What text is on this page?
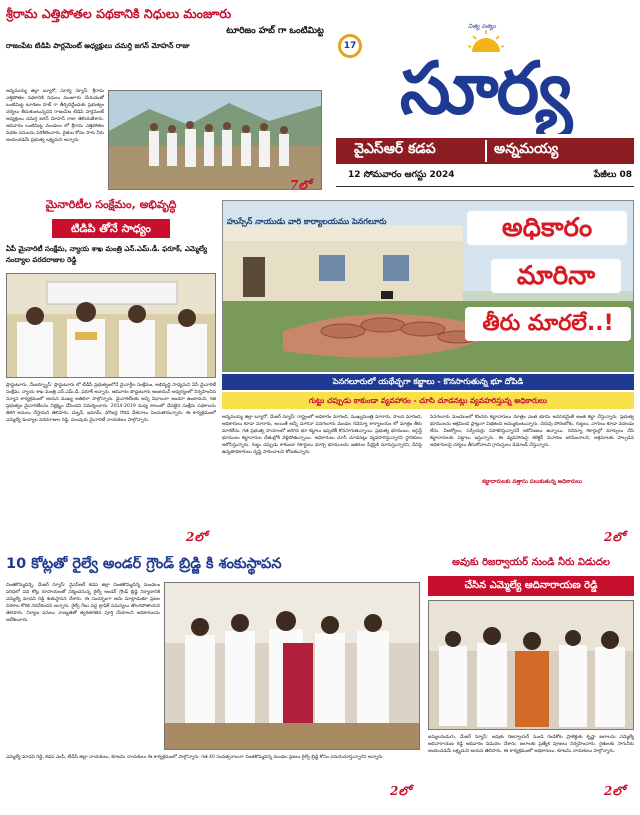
శ్రీరామ ఎత్తిపోతల పథకానికి నిధులు మంజూరు
టూరిజం హబ్ గా ఒంటిమిట్ట
రాజంపేట టిడిపి పార్లమెంట్ అధ్యక్షులు చమర్తి జగన్ మోహన్ రాజు
అన్నమయ్య జిల్లా బ్యూరో, సూర్య న్యూస్: శ్రీరామ ఎత్తిపోతల పథకానికి నిధులు మంజూరు చేయడంతో ఒంటిమిట్ట టూరిజం హబ్ గా తీర్చిదిద్దేందుకు ప్రభుత్వం చర్యలు తీసుకుంటున్నదని రాజంపేట టిడిపి పార్లమెంట్ అధ్యక్షులు చమర్తి జగన్ మోహన్ రాజు తెలియజేశారు. ఆదివారం ఒంటిమిట్ట మండలం లో శ్రీరామ ఎత్తిపోతల పథకం పనులను పరిశీలించారు. రైతుల కోసం సాగు నీరు అందించడమే ప్రభుత్వ లక్ష్యమని అన్నారు.
7లో
17
నిత్య సత్యం
సూర్య
వైఎస్ఆర్ కడప	అన్నమయ్య
12 సోమవారం ఆగస్టు 2024	పేజీలు 08
మైనారిటీల సంక్షేమం, అభివృద్ధి
టిడిపి తోనే సాధ్యం
ఏపీ మైనారిటీ సంక్షేమ, న్యాయ శాఖ మంత్రి ఎన్.ఎమ్.డీ. ఫరూక్, ఎమ్మెల్యే నంద్యాల వరదరాజుల రెడ్డి
ప్రొద్దుటూరు, మేజర్న్యూస్: ప్రొద్దుటూరు లో టీడీపీ ప్రభుత్వంలోనే మైనార్టీల సంక్షేమం, అభివృద్ధి సాధ్యమని ఏపీ మైనారిటీ సంక్షేమ, న్యాయ శాఖ మంత్రి ఎన్.ఎమ్.డీ. ఫరూక్ అన్నారు. ఆదివారం పొద్దుటూరు అంజుమన్ ఆధ్వర్యంలో నిర్వహించిన సన్మాన కార్యక్రమంలో ఆయన ముఖ్య అతిథిగా పాల్గొన్నారు. మైనారిటీలకు అన్ని విధాలుగా అండగా ఉంటామని, గత ప్రభుత్వం మైనారిటీలను నిర్లక్ష్యం చేసిందని విమర్శించారు. 2014-2019 మధ్య కాలంలో చేపట్టిన సంక్షేమ పథకాలను తిరిగి అమలు చేస్తామని తెలిపారు. దుల్హన్, ఇమామ్, మౌజన్ల గౌరవ వేతనాలు పెంచుతామన్నారు. ఈ కార్యక్రమంలో ఎమ్మెల్యే నంద్యాల వరదరాజుల రెడ్డి, పలువురు మైనారిటీ నాయకులు పాల్గొన్నారు.
2లో
హుస్సేన్ నాయుడు వారి కార్యాలయము పెనగలూరు	అధికారం
మారినా
తీరు మారలే..!
పెనగలూరులో యథేచ్ఛగా కబ్జాలు - కొనసాగుతున్న భూ దోపిడి
గుట్టు చప్పుడు కాకుండా వ్యవహారం - చూసి చూడనట్లు వ్యవహరిస్తున్న అధికారులు
అన్నమయ్య జిల్లా బ్యూరో, మేజర్ న్యూస్: రాష్ట్రంలో అధికారం మారింది, ముఖ్యమంత్రి మారారు, పాలన మారింది, అధికారులు కూడా మారారు, అయితే అన్నీ మారినా పెనగలూరు మండల రెవెన్యూ కార్యాలయం లో మాత్రం తీరు మారలేదు. గత ప్రభుత్వ హయాంలో జరిగిన భూ కబ్జాలు ఇప్పటికీ కొనసాగుతున్నాయి. ప్రభుత్వ భూములు, అసైన్డ్ భూములు కబ్జాదారుల చేతుల్లోకి వెళ్లిపోతున్నాయి. అధికారులు చూసీ చూడనట్లు వ్యవహరిస్తున్నారని స్థానికులు ఆరోపిస్తున్నారు. గుట్టు చప్పుడు కాకుండా రికార్డులు మార్చి భూములను ఇతరుల పేర్లపైకి మారుస్తున్నారని, దీనిపై ఉన్నతాధికారులు దృష్టి సారించాలని కోరుతున్నారు.
పెనగలూరు మండలంలో కొందరు కబ్జాదారులు మాత్రం ఎంత భూమి అవసరమైతే అంత కబ్జా చేస్తున్నారు. ప్రభుత్వ భూములను ఆక్రమించి ప్లాట్లుగా విభజించి అమ్ముకుంటున్నారు. చెరువు పోరంబోకు, గుట్టలు, వాగులు కూడా వదలడం లేదు. వీఆర్వోలు, సర్వేయర్లు సహకరిస్తున్నారనే ఆరోపణలు ఉన్నాయి. రెవెన్యూ రికార్డుల్లో మార్పులు చేసి కబ్జాదారులకు పట్టాలు ఇస్తున్నారు. ఈ వ్యవహారంపై కలెక్టర్ విచారణ జరిపించాలని, అక్రమాలకు పాల్పడిన అధికారులపై చర్యలు తీసుకోవాలని గ్రామస్తులు డిమాండ్ చేస్తున్నారు.
కబ్జాదారులకు వత్తాసు పలుకుతున్న అధికారులు
2లో
10 కోట్లతో రైల్వే అండర్ గ్రౌండ్ బ్రిడ్జి కి శంకుస్థాపన
చింతకొమ్మదిన్నె, మేజర్ న్యూస్: వైఎస్ఆర్ కడప జిల్లా చింతకొమ్మదిన్నె మండలం పరిధిలో పది కోట్ల రూపాయలతో నిర్మించనున్న రైల్వే అండర్ గ్రౌండ్ బ్రిడ్జి నిర్మాణానికి ఎమ్మెల్యే మాధవి రెడ్డి శంకుస్థాపన చేశారు. ఈ సందర్భంగా ఆమె మాట్లాడుతూ ప్రజల చిరకాల కోరిక నెరవేరిందని అన్నారు. రైల్వే గేటు వద్ద ట్రాఫిక్ సమస్యలు తొలగిపోతాయని తెలిపారు. నిర్మాణ పనులు నాణ్యతతో త్వరితగతిన పూర్తి చేయాలని అధికారులను ఆదేశించారు.
ఎమ్మెల్యే మాధవి రెడ్డి, కడప ఎంపీ, టీడీపీ జిల్లా నాయకులు, కూటమి నాయకులు ఈ కార్యక్రమంలో పాల్గొన్నారు. గత 40 సంవత్సరాలుగా చింతకొమ్మదిన్నె మండల ప్రజలు రైల్వే బ్రిడ్జి కోసం ఎదురుచూస్తున్నారని అన్నారు.
2లో
అవుకు రిజర్వాయర్ నుండి నీరు విడుదల
చేసిన ఎమ్మెల్యే ఆదినారాయణ రెడ్డి
జమ్మలమడుగు, మేజర్ న్యూస్: అవుకు రిజర్వాయర్ నుండి గండికోట ప్రాజెక్టుకు కృష్ణా జలాలను ఎమ్మెల్యే ఆదినారాయణ రెడ్డి ఆదివారం విడుదల చేశారు. జలాలకు ప్రత్యేక పూజలు నిర్వహించారు. రైతులకు సాగునీరు అందించడమే లక్ష్యమని ఆయన తెలిపారు. ఈ కార్యక్రమంలో అధికారులు, కూటమి నాయకులు పాల్గొన్నారు.
2లో
